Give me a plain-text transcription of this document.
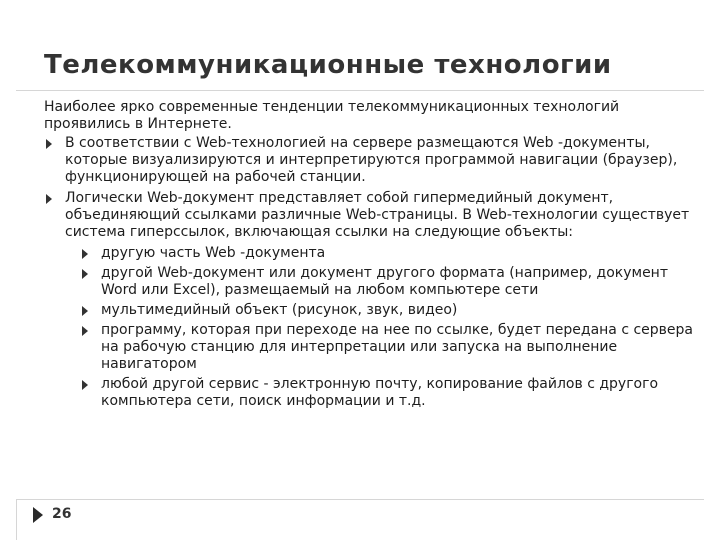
Телекоммуникационные технологии

Наиболее ярко современные тенденции телекоммуникационных технологий проявились в Интернете.

В соответствии с Web-технологией на сервере размещаются Web -документы, которые визуализируются и интерпретируются программой навигации (браузер), функционирующей на рабочей станции.
Логически Web-документ представляет собой гипермедийный документ, объединяющий ссылками различные Web-страницы. В Web-технологии существует система гиперссылок, включающая ссылки на следующие объекты:
другую часть Web -документа
другой Web-документ или документ другого формата (например, документ Word или Excel), размещаемый на любом компьютере сети
мультимедийный объект (рисунок, звук, видео)
программу, которая при переходе на нее по ссылке, будет передана с сервера на рабочую станцию для интерпретации или запуска на выполнение навигатором
любой другой сервис - электронную почту, копирование файлов с другого компьютера сети, поиск информации и т.д.
26
